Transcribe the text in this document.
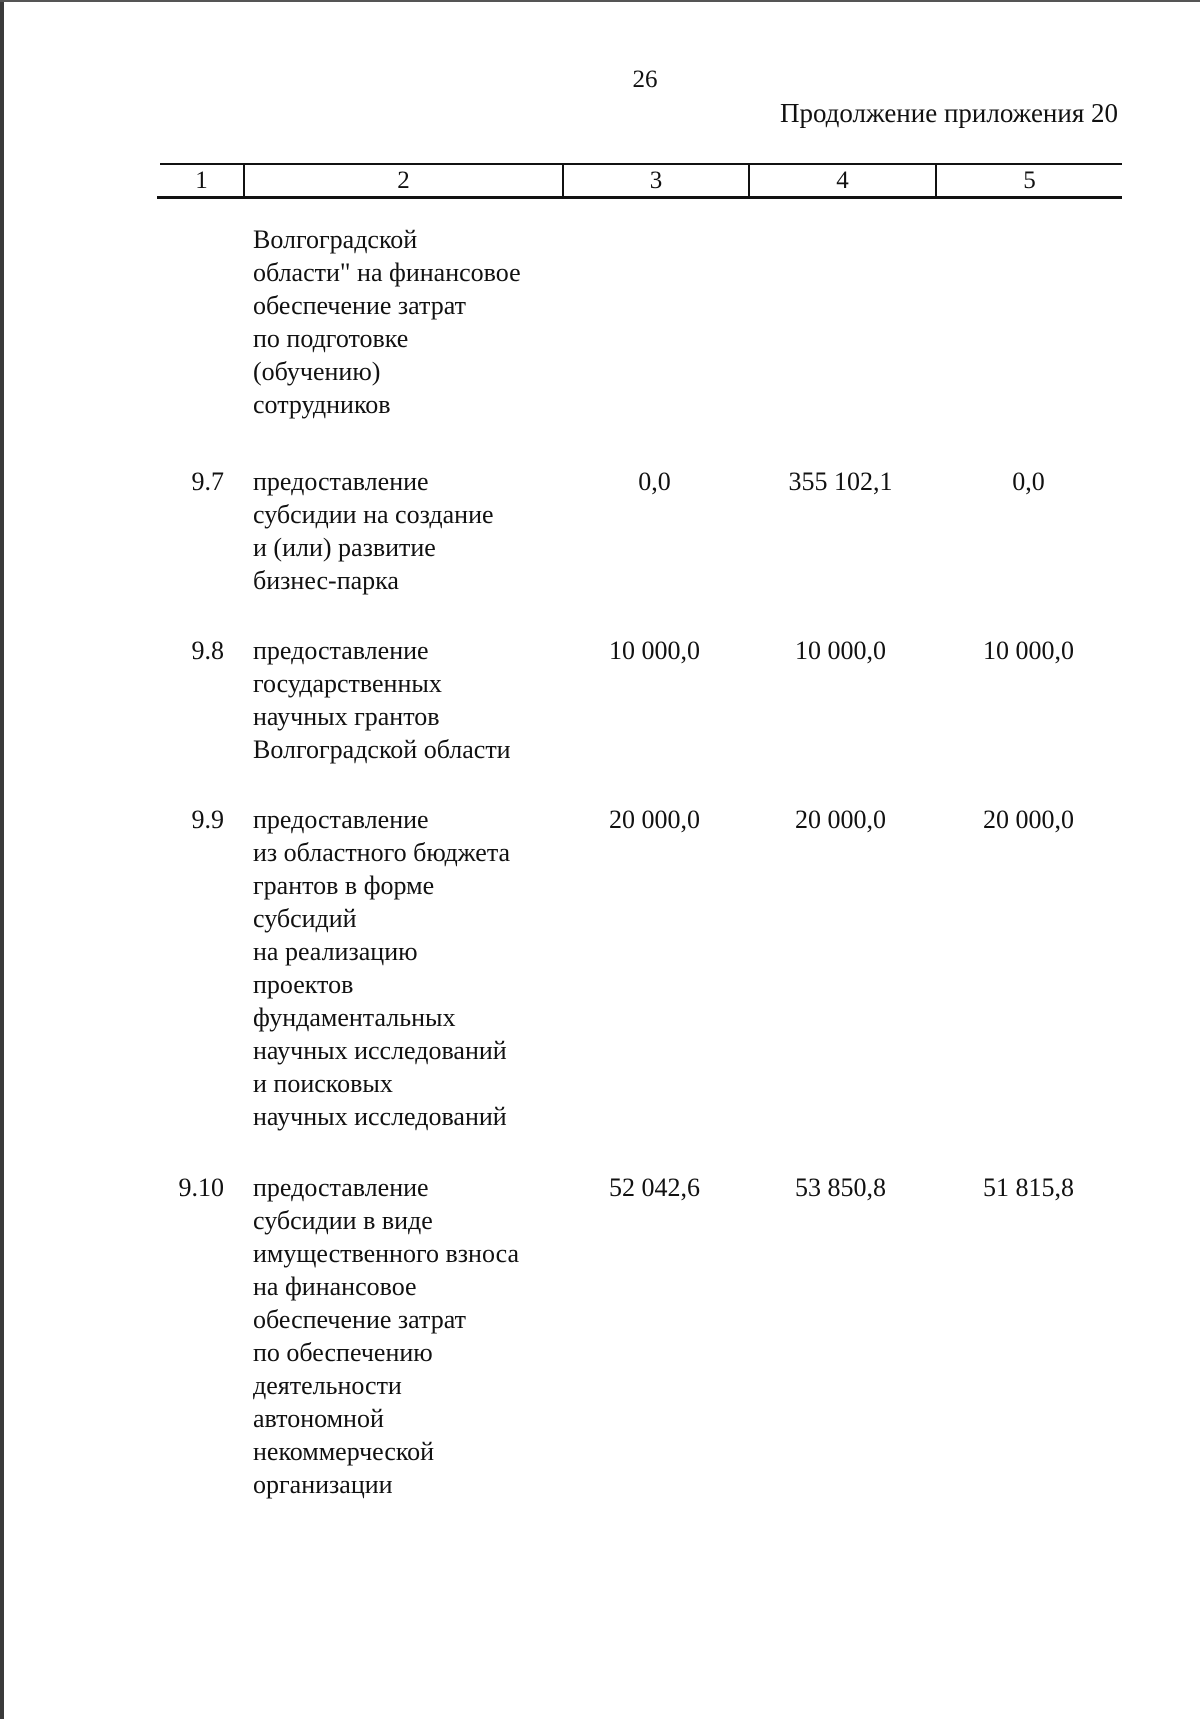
26
Продолжение приложения 20
1	2	3	4	5
Волгоградской
области" на финансовое
обеспечение затрат
по подготовке
(обучению)
сотрудников
9.7 предоставление
субсидии на создание
и (или) развитие
бизнес-парка
0,0	355 102,1	0,0
9.8 предоставление
государственных
научных грантов
Волгоградской области
10 000,0	10 000,0	10 000,0
9.9 предоставление
из областного бюджета
грантов в форме
субсидий
на реализацию
проектов
фундаментальных
научных исследований
и поисковых
научных исследований
20 000,0	20 000,0	20 000,0
9.10 предоставление
субсидии в виде
имущественного взноса
на финансовое
обеспечение затрат
по обеспечению
деятельности
автономной
некоммерческой
организации
52 042,6	53 850,8	51 815,8
